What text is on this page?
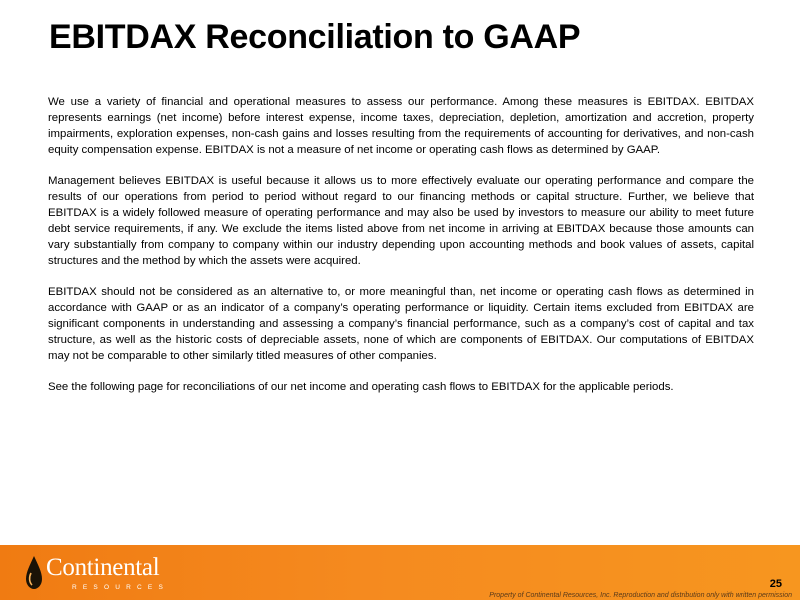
EBITDAX Reconciliation to GAAP

We use a variety of financial and operational measures to assess our performance. Among these measures is EBITDAX. EBITDAX represents earnings (net income) before interest expense, income taxes, depreciation, depletion, amortization and accretion, property impairments, exploration expenses, non-cash gains and losses resulting from the requirements of accounting for derivatives, and non-cash equity compensation expense. EBITDAX is not a measure of net income or operating cash flows as determined by GAAP.

Management believes EBITDAX is useful because it allows us to more effectively evaluate our operating performance and compare the results of our operations from period to period without regard to our financing methods or capital structure. Further, we believe that EBITDAX is a widely followed measure of operating performance and may also be used by investors to measure our ability to meet future debt service requirements, if any. We exclude the items listed above from net income in arriving at EBITDAX because those amounts can vary substantially from company to company within our industry depending upon accounting methods and book values of assets, capital structures and the method by which the assets were acquired.

EBITDAX should not be considered as an alternative to, or more meaningful than, net income or operating cash flows as determined in accordance with GAAP or as an indicator of a company’s operating performance or liquidity. Certain items excluded from EBITDAX are significant components in understanding and assessing a company’s financial performance, such as a company’s cost of capital and tax structure, as well as the historic costs of depreciable assets, none of which are components of EBITDAX. Our computations of EBITDAX may not be comparable to other similarly titled measures of other companies.

See the following page for reconciliations of our net income and operating cash flows to EBITDAX for the applicable periods.

Continental
RESOURCES	25
Property of Continental Resources, Inc. Reproduction and distribution only with written permission
